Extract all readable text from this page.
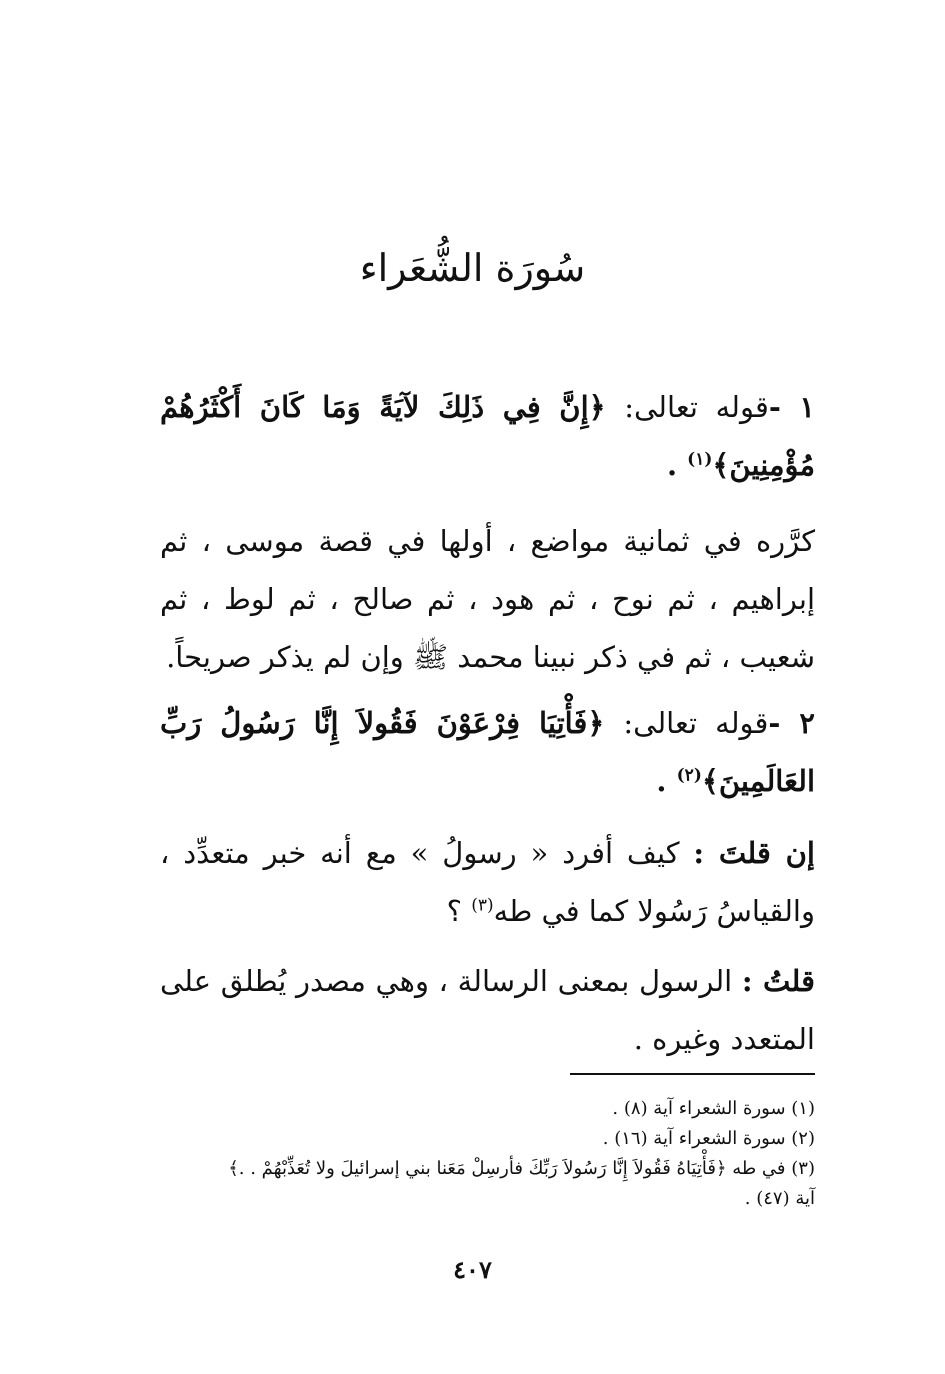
سُورَة الشُّعَراء
١ -قوله تعالى: ﴿إِنَّ فِي ذَلِكَ لآيَةً وَمَا كَانَ أَكْثَرُهُمْ مُؤْمِنِينَ﴾$^{(١)}$ .
كرَّره في ثمانية مواضع ، أولها في قصة موسى ، ثم إبراهيم ، ثم نوح ، ثم هود ، ثم صالح ، ثم لوط ، ثم شعيب ، ثم في ذكر نبينا محمد ﷺ وإن لم يذكر صريحاً.
٢ -قوله تعالى: ﴿فَأْتِيَا فِرْعَوْنَ فَقُولاَ إِنَّا رَسُولُ رَبِّ العَالَمِينَ﴾$^{(٢)}$ .
إن قلتَ : كيف أفرد « رسولُ » مع أنه خبر متعدِّد ، والقياسُ رَسُولا كما في طه$^{(٣)}$ ؟
قلتُ : الرسول بمعنى الرسالة ، وهي مصدر يُطلق على المتعدد وغيره .
(١) سورة الشعراء آية (٨) .
(٢) سورة الشعراء آية (١٦) .
(٣) في طه ﴿فَأْتِيَاهُ فَقُولاَ إِنَّا رَسُولاَ رَبِّكَ فأرسِلْ مَعَنا بني إسرائيلَ ولا تُعَذِّبْهُمْ . .﴾
آية (٤٧) .
٤٠٧
